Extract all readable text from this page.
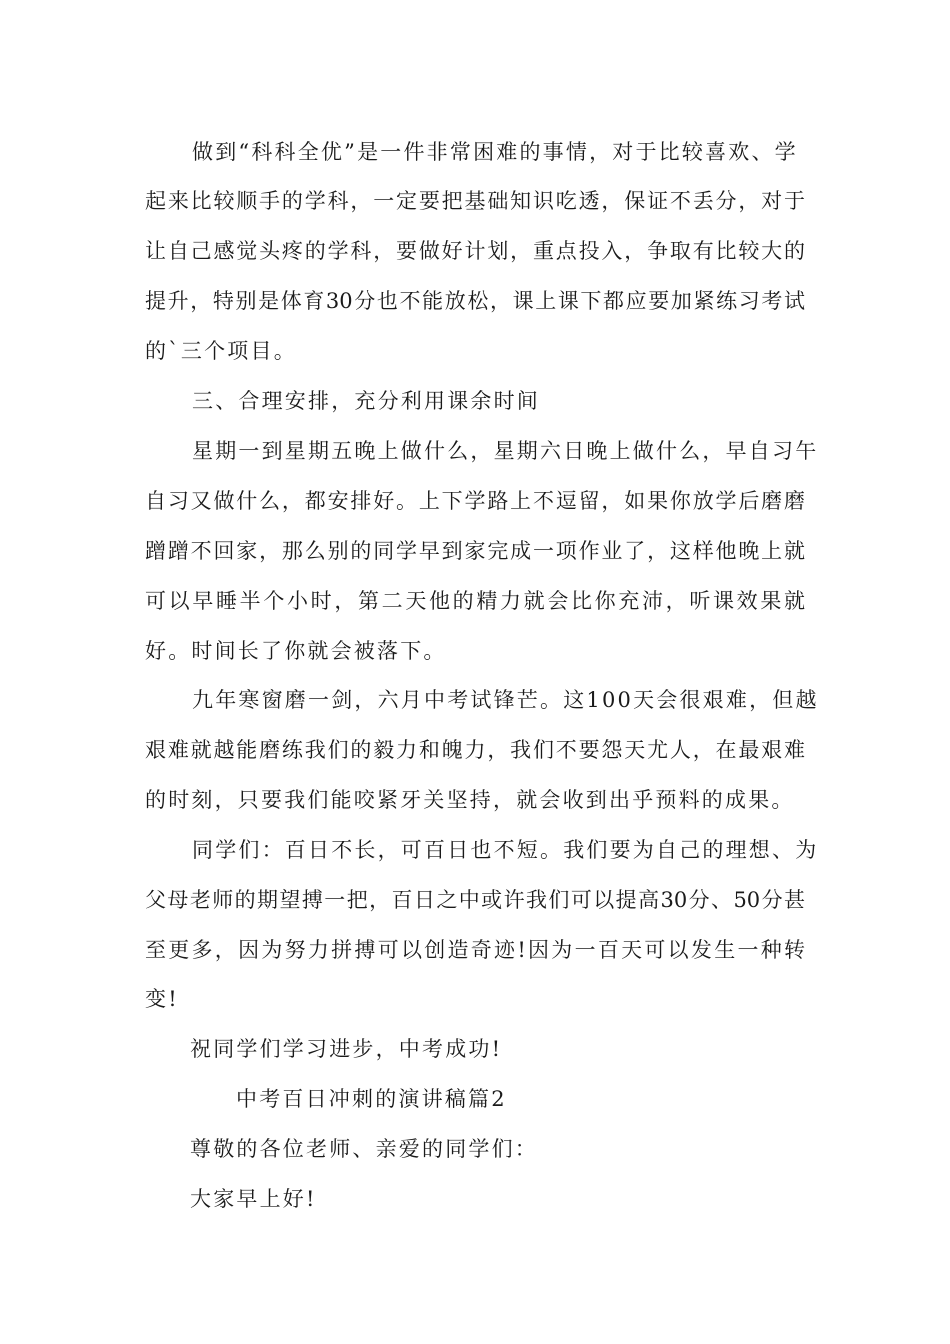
做到“科科全优”是一件非常困难的事情，对于比较喜欢、学
起来比较顺手的学科，一定要把基础知识吃透，保证不丢分，对于
让自己感觉头疼的学科，要做好计划，重点投入，争取有比较大的
提升，特别是体育30分也不能放松，课上课下都应要加紧练习考试
的`三个项目。
三、合理安排，充分利用课余时间
星期一到星期五晚上做什么，星期六日晚上做什么，早自习午
自习又做什么，都安排好。上下学路上不逗留，如果你放学后磨磨
蹭蹭不回家，那么别的同学早到家完成一项作业了，这样他晚上就
可以早睡半个小时，第二天他的精力就会比你充沛，听课效果就
好。时间长了你就会被落下。
九年寒窗磨一剑，六月中考试锋芒。这100天会很艰难，但越
艰难就越能磨练我们的毅力和魄力，我们不要怨天尤人，在最艰难
的时刻，只要我们能咬紧牙关坚持，就会收到出乎预料的成果。
同学们：百日不长，可百日也不短。我们要为自己的理想、为
父母老师的期望搏一把，百日之中或许我们可以提高30分、50分甚
至更多，因为努力拼搏可以创造奇迹!因为一百天可以发生一种转
变!
祝同学们学习进步，中考成功!
中考百日冲刺的演讲稿篇2
尊敬的各位老师、亲爱的同学们：
大家早上好!
